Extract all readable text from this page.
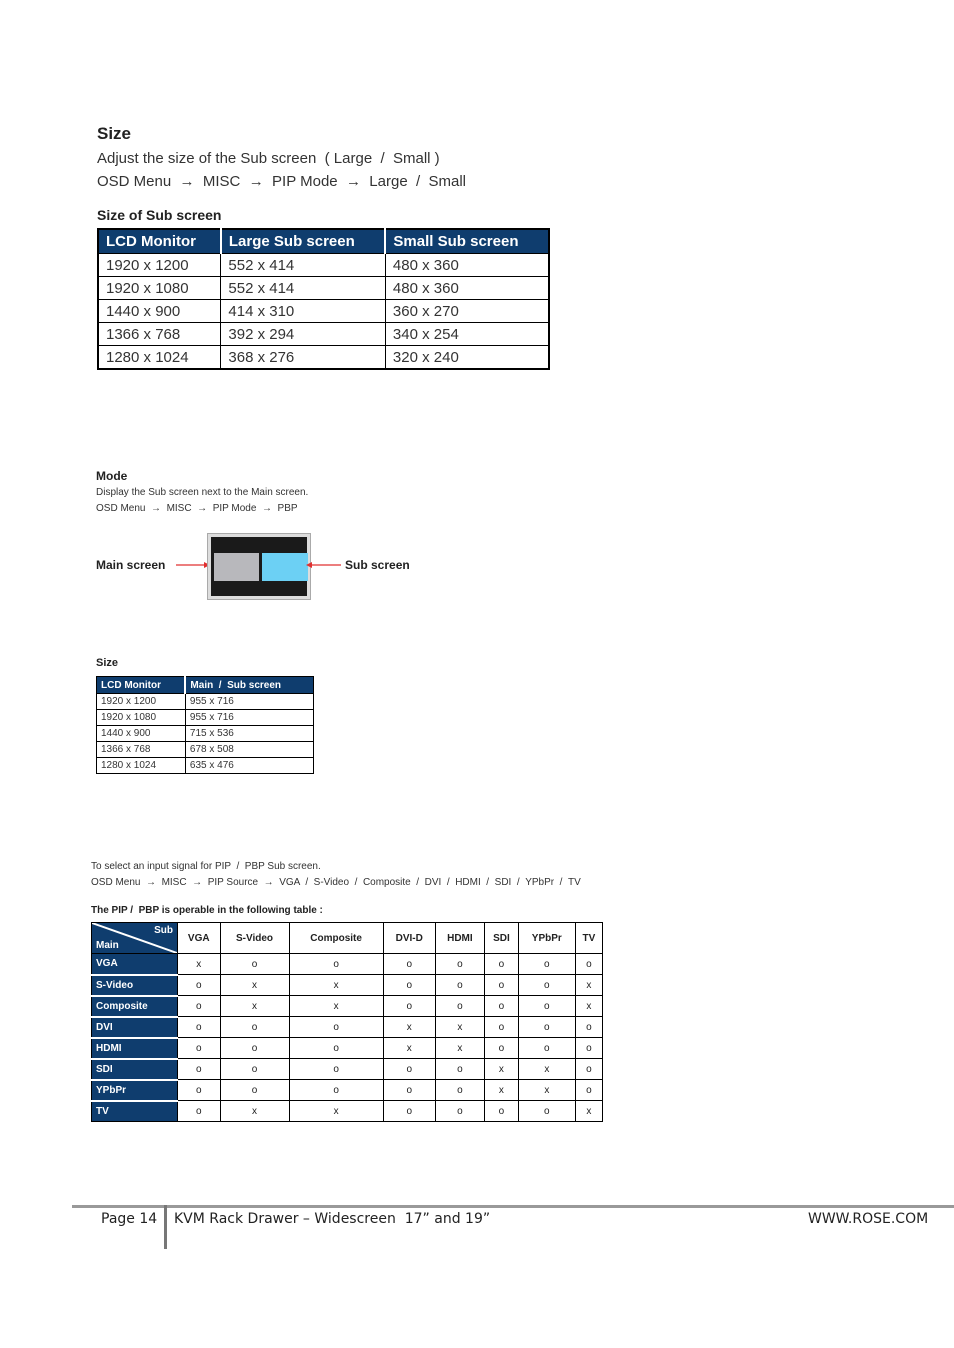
Size
Adjust the size of the Sub screen  ( Large  /  Small )
OSD Menu  →  MISC  →  PIP Mode  →  Large  /  Small
Size of Sub screen
LCD Monitor	Large Sub screen	Small Sub screen
1920 x 1200	552 x 414	480 x 360
1920 x 1080	552 x 414	480 x 360
1440 x 900	414 x 310	360 x 270
1366 x 768	392 x 294	340 x 254
1280 x 1024	368 x 276	320 x 240
Mode
Display the Sub screen next to the Main screen.
OSD Menu  →  MISC  →  PIP Mode  →  PBP
Main screen	Sub screen
Size
LCD Monitor	Main  /  Sub screen
1920 x 1200	955 x 716
1920 x 1080	955 x 716
1440 x 900	715 x 536
1366 x 768	678 x 508
1280 x 1024	635 x 476
To select an input signal for PIP  /  PBP Sub screen.
OSD Menu  →  MISC  →  PIP Source  →  VGA  /  S-Video  /  Composite  /  DVI  /  HDMI  /  SDI  /  YPbPr  /  TV
The PIP /  PBP is operable in the following table :
Sub
Main	VGA	S-Video	Composite	DVI-D	HDMI	SDI	YPbPr	TV
VGA	x	o	o	o	o	o	o	o
S-Video	o	x	x	o	o	o	o	x
Composite	o	x	x	o	o	o	o	x
DVI	o	o	o	x	x	o	o	o
HDMI	o	o	o	x	x	o	o	o
SDI	o	o	o	o	o	x	x	o
YPbPr	o	o	o	o	o	x	x	o
TV	o	x	x	o	o	o	o	x
Page 14 KVM Rack Drawer – Widescreen  17” and 19”	WWW.ROSE.COM
